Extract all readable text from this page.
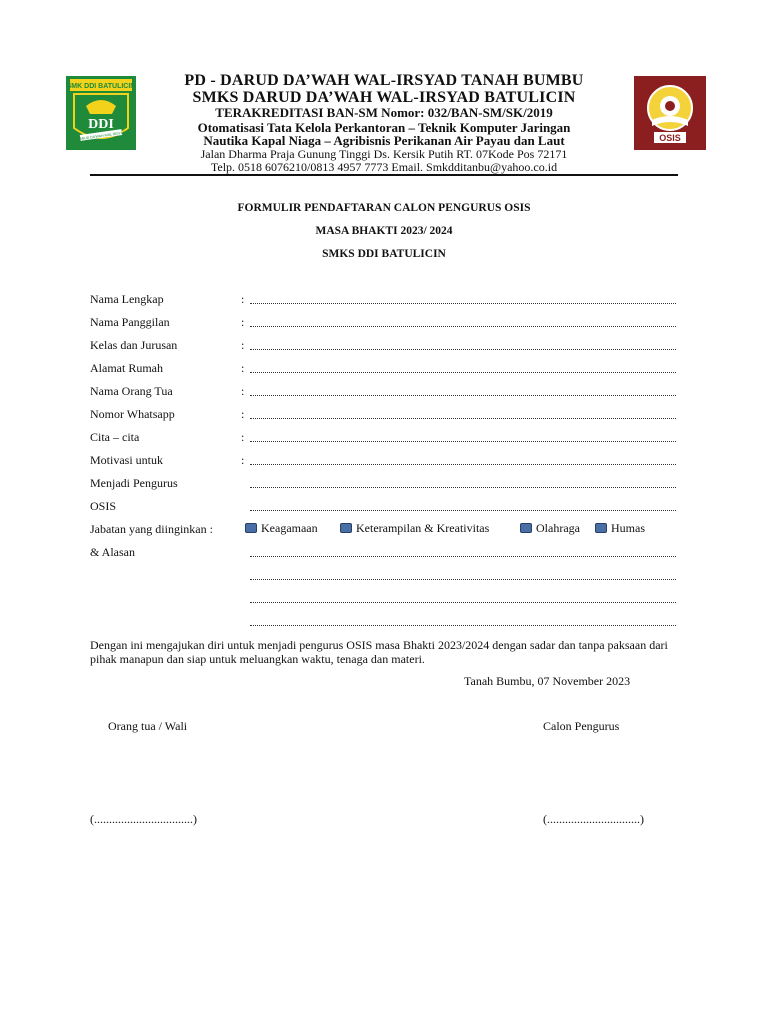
SMK DDI BATULICIN
DDI
DARUD DA'WAH WAL IRSYAD
PD - DARUD DA’WAH WAL-IRSYAD TANAH BUMBU
SMKS DARUD DA’WAH WAL-IRSYAD BATULICIN
TERAKREDITASI BAN-SM Nomor: 032/BAN-SM/SK/2019
Otomatisasi Tata Kelola Perkantoran – Teknik Komputer Jaringan
Nautika Kapal Niaga – Agribisnis Perikanan Air Payau dan Laut
Jalan Dharma Praja Gunung Tinggi Ds. Kersik Putih RT. 07Kode Pos 72171
Telp. 0518 6076210/0813 4957 7773 Email. Smkdditanbu@yahoo.co.id
OSIS
FORMULIR PENDAFTARAN CALON PENGURUS OSIS
MASA BHAKTI 2023/ 2024
SMKS DDI BATULICIN
Nama Lengkap	:
Nama Panggilan	:
Kelas dan Jurusan	:
Alamat Rumah	:
Nama Orang Tua	:
Nomor Whatsapp	:
Cita – cita	:
Motivasi untuk	:
Menjadi Pengurus
OSIS
Jabatan yang diinginkan :	Keagamaan	Keterampilan & Kreativitas	Olahraga	Humas
& Alasan
Dengan ini mengajukan diri untuk menjadi pengurus OSIS masa Bhakti 2023/2024 dengan sadar dan tanpa paksaan dari pihak manapun dan siap untuk meluangkan waktu, tenaga dan materi.
Tanah Bumbu, 07 November 2023
Orang tua / Wali	Calon Pengurus
(.................................)	(...............................)
